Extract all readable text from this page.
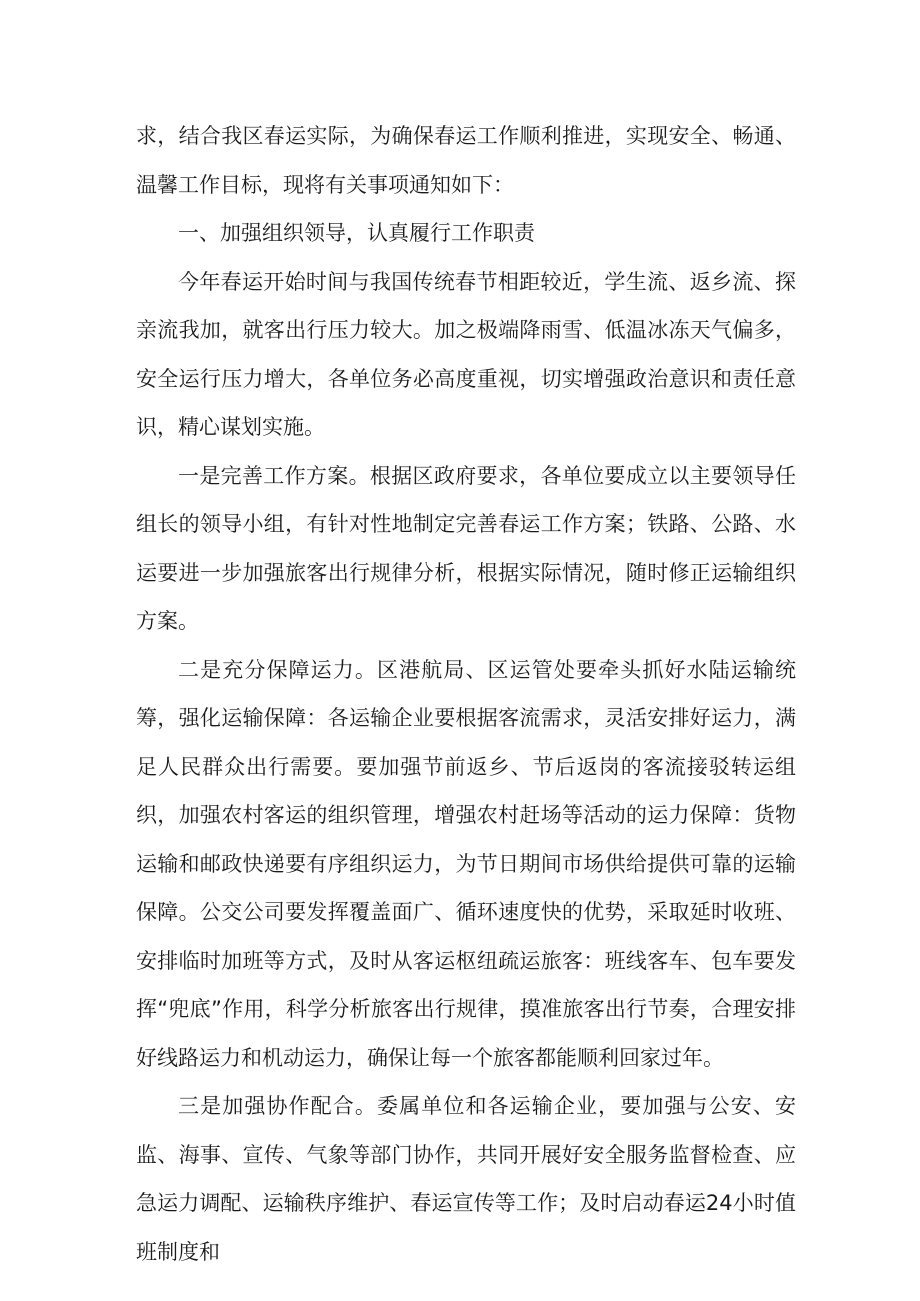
求，结合我区春运实际，为确保春运工作顺利推进，实现安全、畅通、温馨工作目标，现将有关事项通知如下：

一、加强组织领导，认真履行工作职责

今年春运开始时间与我国传统春节相距较近，学生流、返乡流、探亲流我加，就客出行压力较大。加之极端降雨雪、低温冰冻天气偏多，安全运行压力增大，各单位务必高度重视，切实增强政治意识和责任意识，精心谋划实施。

一是完善工作方案。根据区政府要求，各单位要成立以主要领导任组长的领导小组，有针对性地制定完善春运工作方案；铁路、公路、水运要进一步加强旅客出行规律分析，根据实际情况，随时修正运输组织方案。

二是充分保障运力。区港航局、区运管处要牵头抓好水陆运输统筹，强化运输保障：各运输企业要根据客流需求，灵活安排好运力，满足人民群众出行需要。要加强节前返乡、节后返岗的客流接驳转运组织，加强农村客运的组织管理，增强农村赶场等活动的运力保障：货物运输和邮政快递要有序组织运力，为节日期间市场供给提供可靠的运输保障。公交公司要发挥覆盖面广、循环速度快的优势，采取延时收班、安排临时加班等方式，及时从客运枢纽疏运旅客：班线客车、包车要发挥“兜底”作用，科学分析旅客出行规律，摸准旅客出行节奏，合理安排好线路运力和机动运力，确保让每一个旅客都能顺利回家过年。

三是加强协作配合。委属单位和各运输企业，要加强与公安、安监、海事、宣传、气象等部门协作，共同开展好安全服务监督检查、应急运力调配、运输秩序维护、春运宣传等工作；及时启动春运24小时值班制度和
